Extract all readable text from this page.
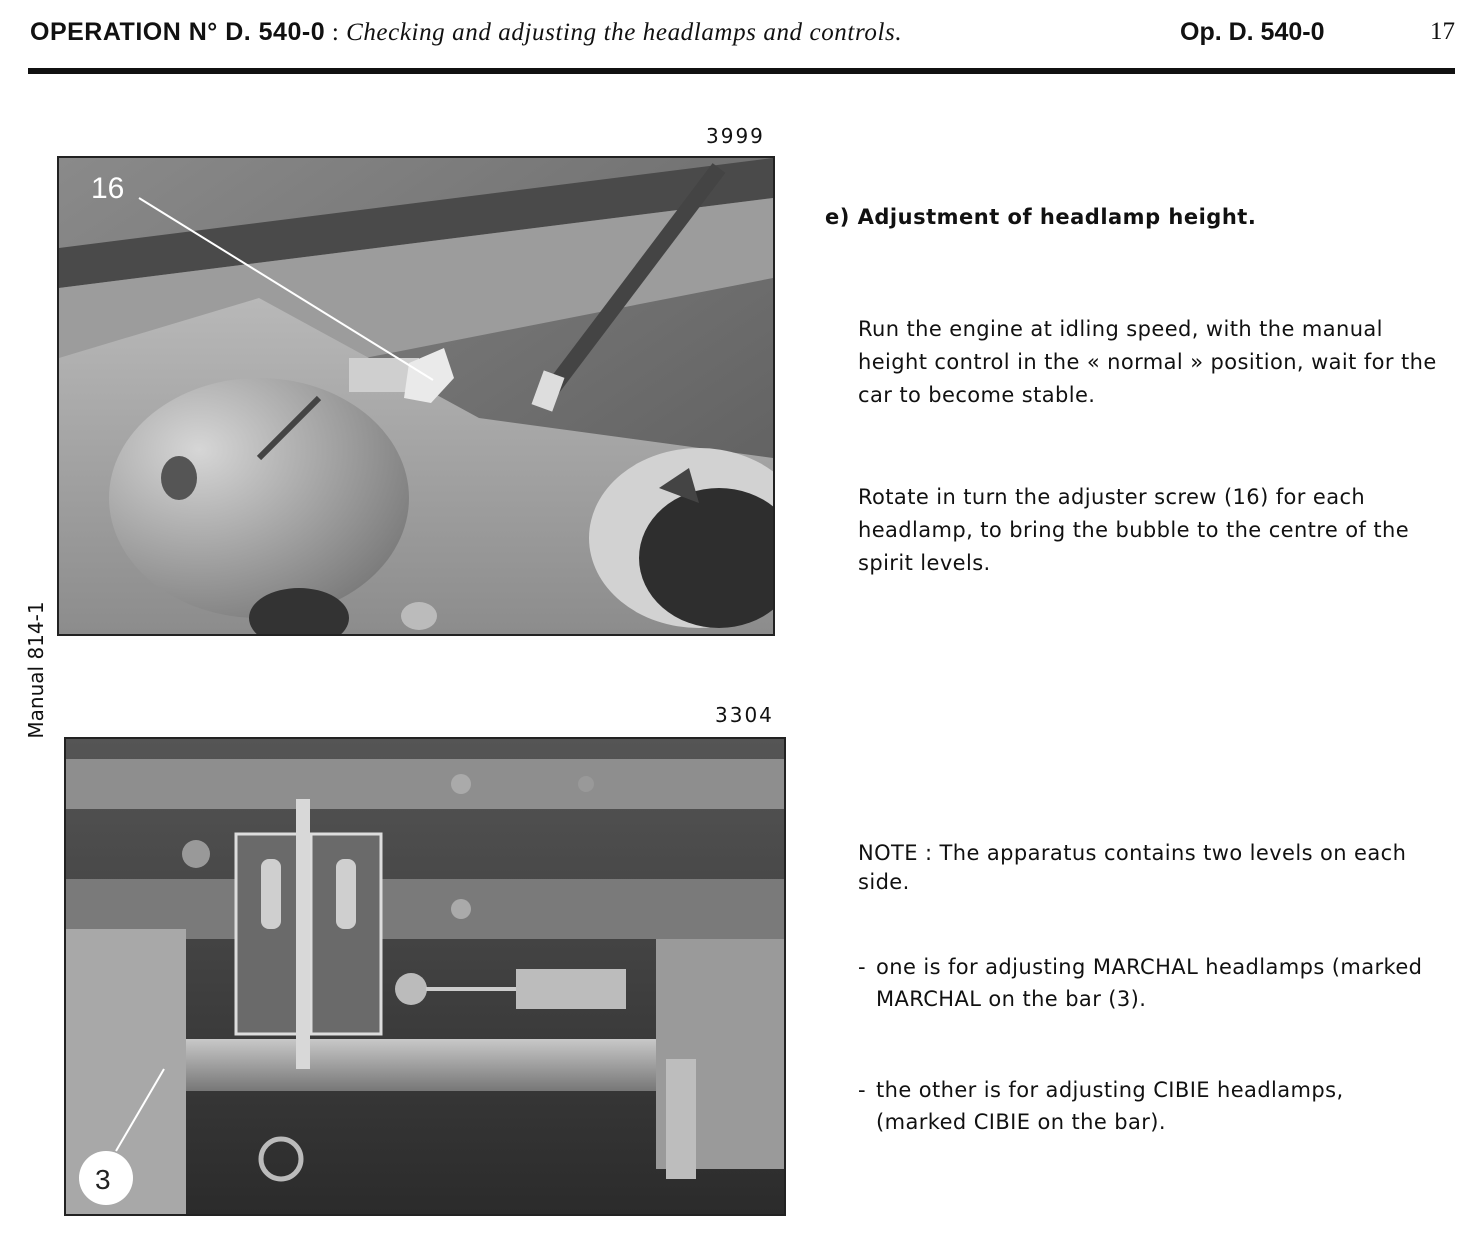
OPERATION N° D. 540-0 : Checking and adjusting the headlamps and controls.	Op. D. 540-0	17
Manual 814-1
3999
16
3304
3
e) Adjustment of headlamp height.
Run the engine at idling speed, with the manual height control in the « normal » position, wait for the car to become stable.
Rotate in turn the adjuster screw (16) for each headlamp, to bring the bubble to the centre of the spirit levels.
NOTE : The apparatus contains two levels on each side.
- one is for adjusting MARCHAL headlamps (marked MARCHAL on the bar (3).
- the other is for adjusting CIBIE headlamps, (marked CIBIE on the bar).
